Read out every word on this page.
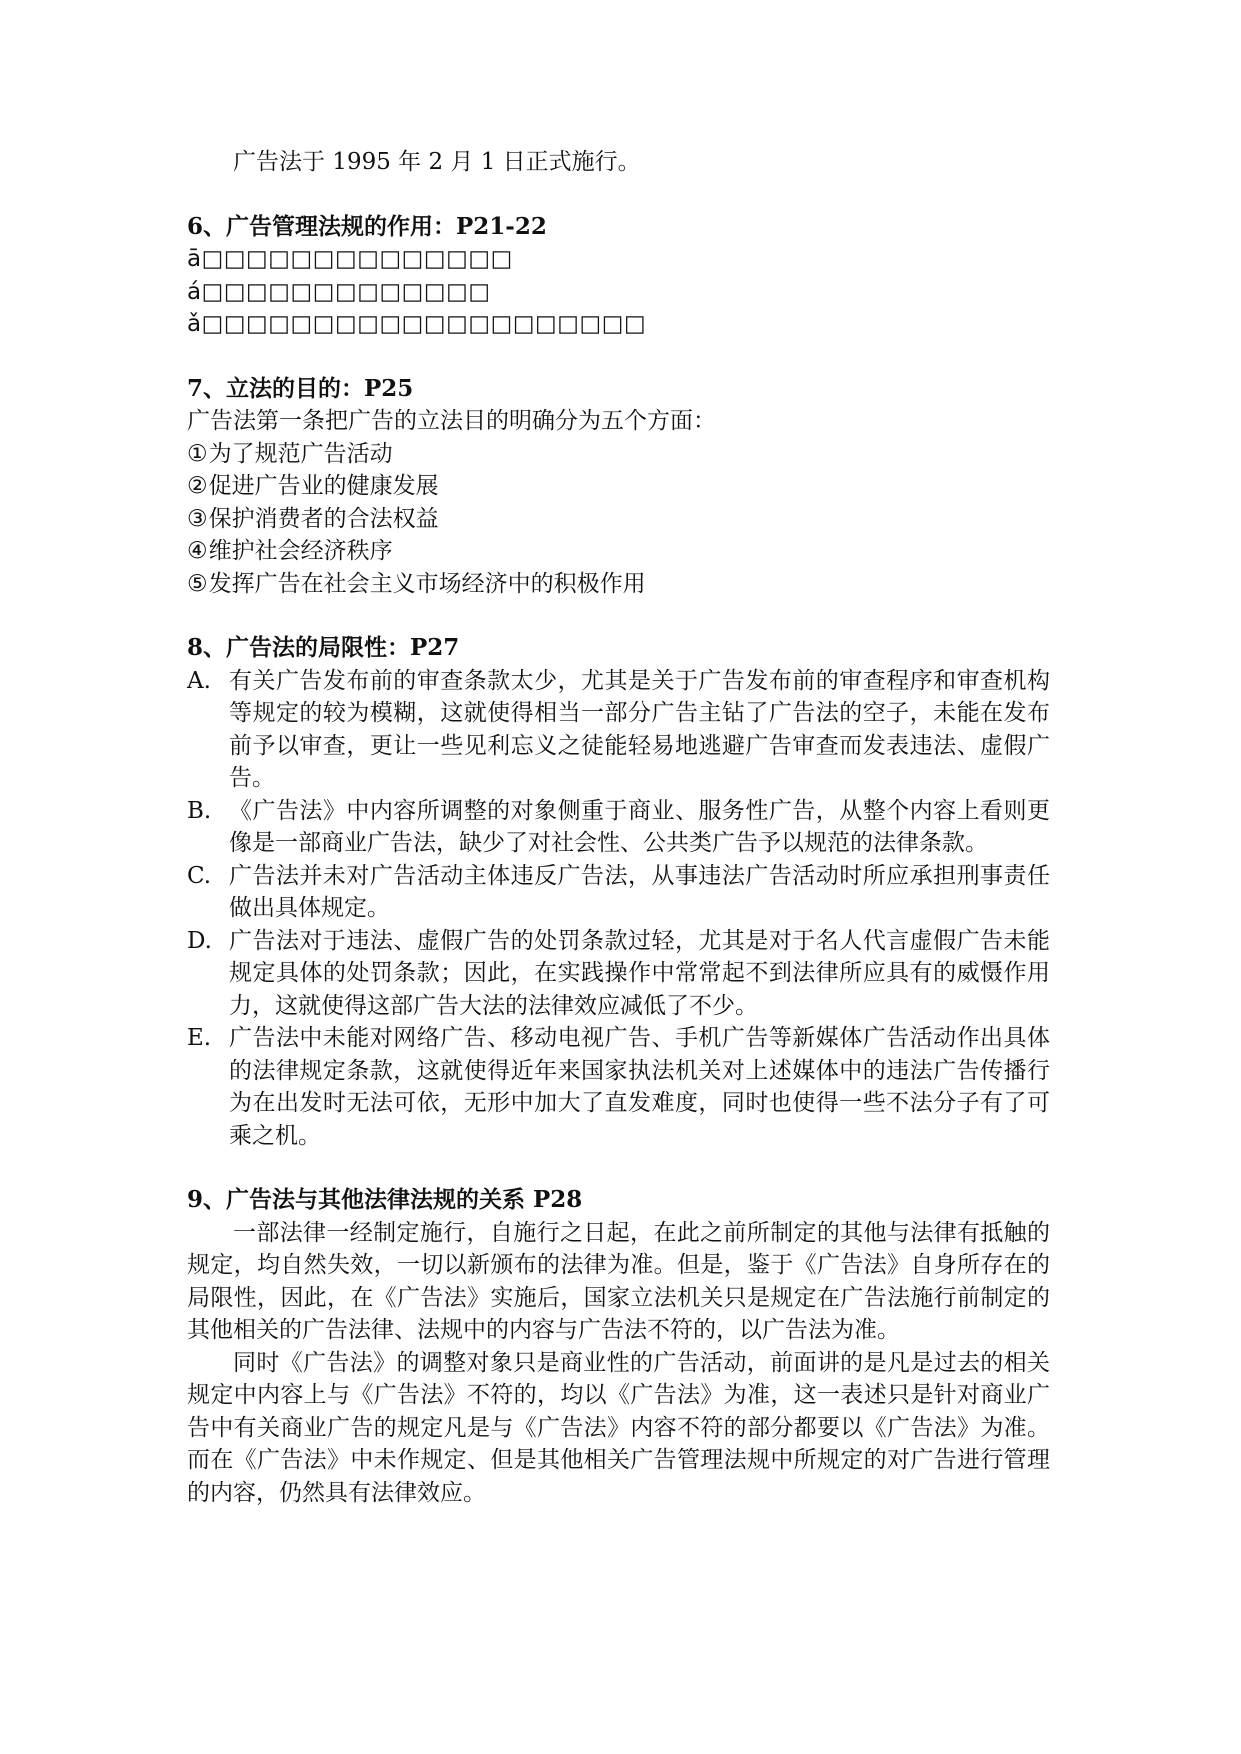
广告法于 1995 年 2 月 1 日正式施行。

6、广告管理法规的作用：P21-22

ā□□□□□□□□□□□□□□

á□□□□□□□□□□□□□

ǎ□□□□□□□□□□□□□□□□□□□□

7、立法的目的：P25

广告法第一条把广告的立法目的明确分为五个方面：

①为了规范广告活动

②促进广告业的健康发展

③保护消费者的合法权益

④维护社会经济秩序

⑤发挥广告在社会主义市场经济中的积极作用

8、广告法的局限性：P27

A. 有关广告发布前的审查条款太少，尤其是关于广告发布前的审查程序和审查机构等规定的较为模糊，这就使得相当一部分广告主钻了广告法的空子，未能在发布前予以审查，更让一些见利忘义之徒能轻易地逃避广告审查而发表违法、虚假广告。

B. 《广告法》中内容所调整的对象侧重于商业、服务性广告，从整个内容上看则更像是一部商业广告法，缺少了对社会性、公共类广告予以规范的法律条款。

C. 广告法并未对广告活动主体违反广告法，从事违法广告活动时所应承担刑事责任做出具体规定。

D. 广告法对于违法、虚假广告的处罚条款过轻，尤其是对于名人代言虚假广告未能规定具体的处罚条款；因此，在实践操作中常常起不到法律所应具有的威慑作用力，这就使得这部广告大法的法律效应减低了不少。

E. 广告法中未能对网络广告、移动电视广告、手机广告等新媒体广告活动作出具体的法律规定条款，这就使得近年来国家执法机关对上述媒体中的违法广告传播行为在出发时无法可依，无形中加大了直发难度，同时也使得一些不法分子有了可乘之机。

9、广告法与其他法律法规的关系 P28

一部法律一经制定施行，自施行之日起，在此之前所制定的其他与法律有抵触的规定，均自然失效，一切以新颁布的法律为准。但是，鉴于《广告法》自身所存在的局限性，因此，在《广告法》实施后，国家立法机关只是规定在广告法施行前制定的其他相关的广告法律、法规中的内容与广告法不符的，以广告法为准。

同时《广告法》的调整对象只是商业性的广告活动，前面讲的是凡是过去的相关规定中内容上与《广告法》不符的，均以《广告法》为准，这一表述只是针对商业广告中有关商业广告的规定凡是与《广告法》内容不符的部分都要以《广告法》为准。而在《广告法》中未作规定、但是其他相关广告管理法规中所规定的对广告进行管理的内容，仍然具有法律效应。
